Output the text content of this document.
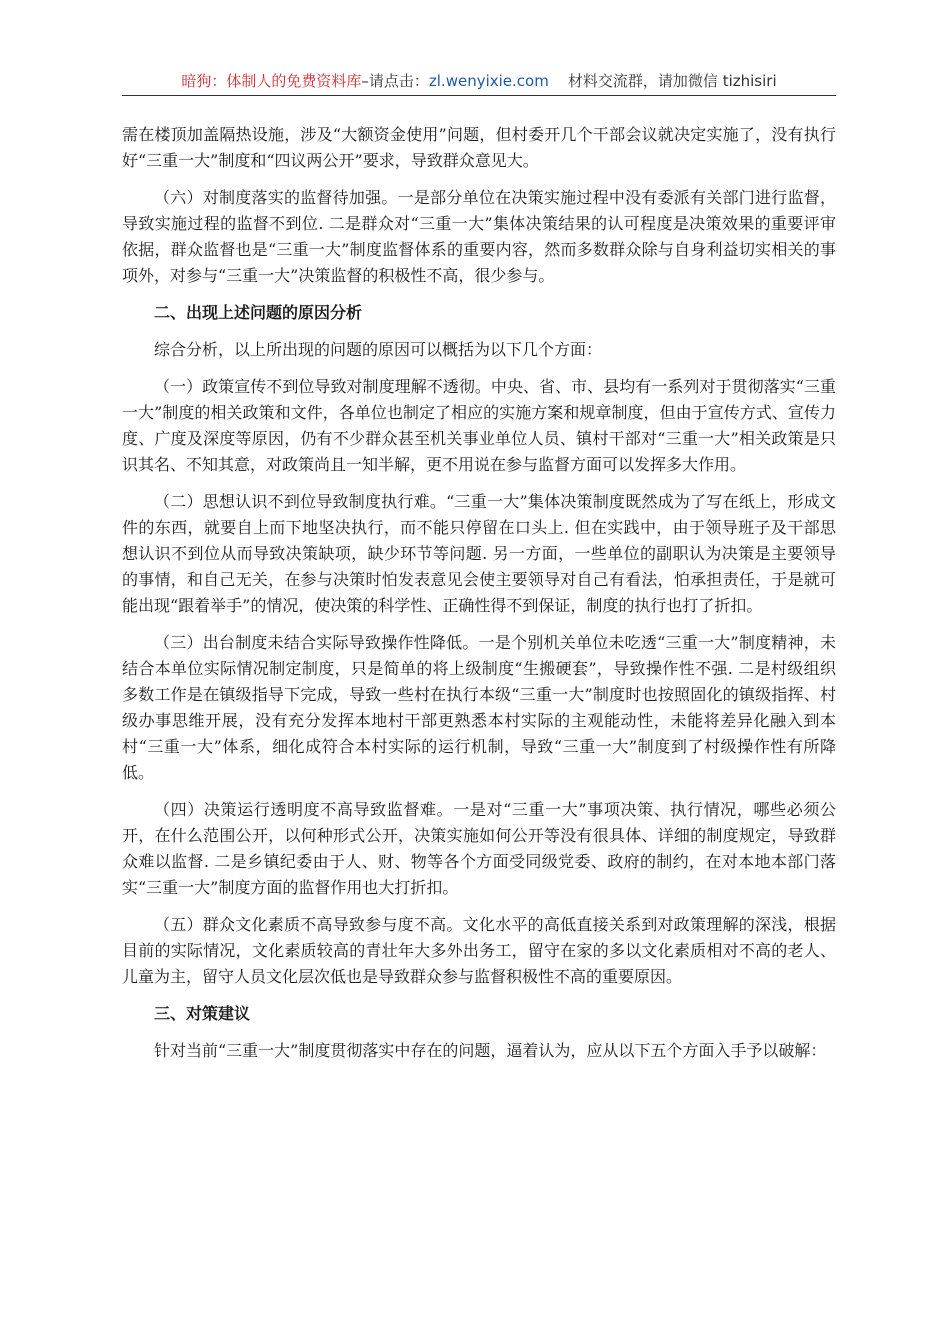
暗狗：体制人的免费资料库–请点击：zl.wenyixie.com 材料交流群，请加微信 tizhisiri

需在楼顶加盖隔热设施，涉及“大额资金使用”问题，但村委开几个干部会议就决定实施了，没有执行好“三重一大”制度和“四议两公开”要求，导致群众意见大。

（六）对制度落实的监督待加强。一是部分单位在决策实施过程中没有委派有关部门进行监督，导致实施过程的监督不到位. 二是群众对“三重一大”集体决策结果的认可程度是决策效果的重要评审依据，群众监督也是“三重一大”制度监督体系的重要内容，然而多数群众除与自身利益切实相关的事项外，对参与“三重一大”决策监督的积极性不高，很少参与。

二、出现上述问题的原因分析

综合分析，以上所出现的问题的原因可以概括为以下几个方面：

（一）政策宣传不到位导致对制度理解不透彻。中央、省、市、县均有一系列对于贯彻落实“三重一大”制度的相关政策和文件，各单位也制定了相应的实施方案和规章制度，但由于宣传方式、宣传力度、广度及深度等原因，仍有不少群众甚至机关事业单位人员、镇村干部对“三重一大”相关政策是只识其名、不知其意，对政策尚且一知半解，更不用说在参与监督方面可以发挥多大作用。

（二）思想认识不到位导致制度执行难。“三重一大”集体决策制度既然成为了写在纸上，形成文件的东西，就要自上而下地坚决执行，而不能只停留在口头上. 但在实践中，由于领导班子及干部思想认识不到位从而导致决策缺项，缺少环节等问题. 另一方面，一些单位的副职认为决策是主要领导的事情，和自己无关，在参与决策时怕发表意见会使主要领导对自己有看法，怕承担责任，于是就可能出现“跟着举手”的情况，使决策的科学性、正确性得不到保证，制度的执行也打了折扣。

（三）出台制度未结合实际导致操作性降低。一是个别机关单位未吃透“三重一大”制度精神，未结合本单位实际情况制定制度，只是简单的将上级制度“生搬硬套”，导致操作性不强. 二是村级组织多数工作是在镇级指导下完成，导致一些村在执行本级“三重一大”制度时也按照固化的镇级指挥、村级办事思维开展，没有充分发挥本地村干部更熟悉本村实际的主观能动性，未能将差异化融入到本村“三重一大”体系，细化成符合本村实际的运行机制，导致“三重一大”制度到了村级操作性有所降低。

（四）决策运行透明度不高导致监督难。一是对“三重一大”事项决策、执行情况，哪些必须公开，在什么范围公开，以何种形式公开，决策实施如何公开等没有很具体、详细的制度规定，导致群众难以监督. 二是乡镇纪委由于人、财、物等各个方面受同级党委、政府的制约，在对本地本部门落实“三重一大”制度方面的监督作用也大打折扣。

（五）群众文化素质不高导致参与度不高。文化水平的高低直接关系到对政策理解的深浅，根据目前的实际情况，文化素质较高的青壮年大多外出务工，留守在家的多以文化素质相对不高的老人、儿童为主，留守人员文化层次低也是导致群众参与监督积极性不高的重要原因。

三、对策建议

针对当前“三重一大”制度贯彻落实中存在的问题，逼着认为，应从以下五个方面入手予以破解：
